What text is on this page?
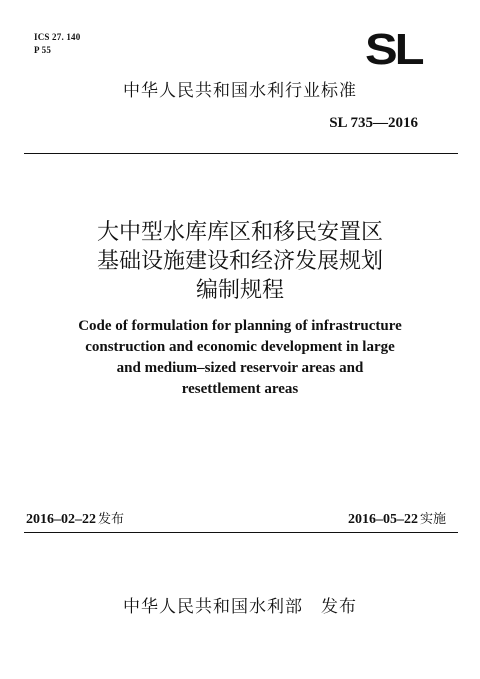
ICS 27. 140
P 55	SL
中华人民共和国水利行业标准
SL 735—2016
大中型水库库区和移民安置区
基础设施建设和经济发展规划
编制规程
Code of formulation for planning of infrastructure
construction and economic development in large
and medium–sized reservoir areas and
resettlement areas
2016–02–22 发布	2016–05–22 实施
中华人民共和国水利部　发布
